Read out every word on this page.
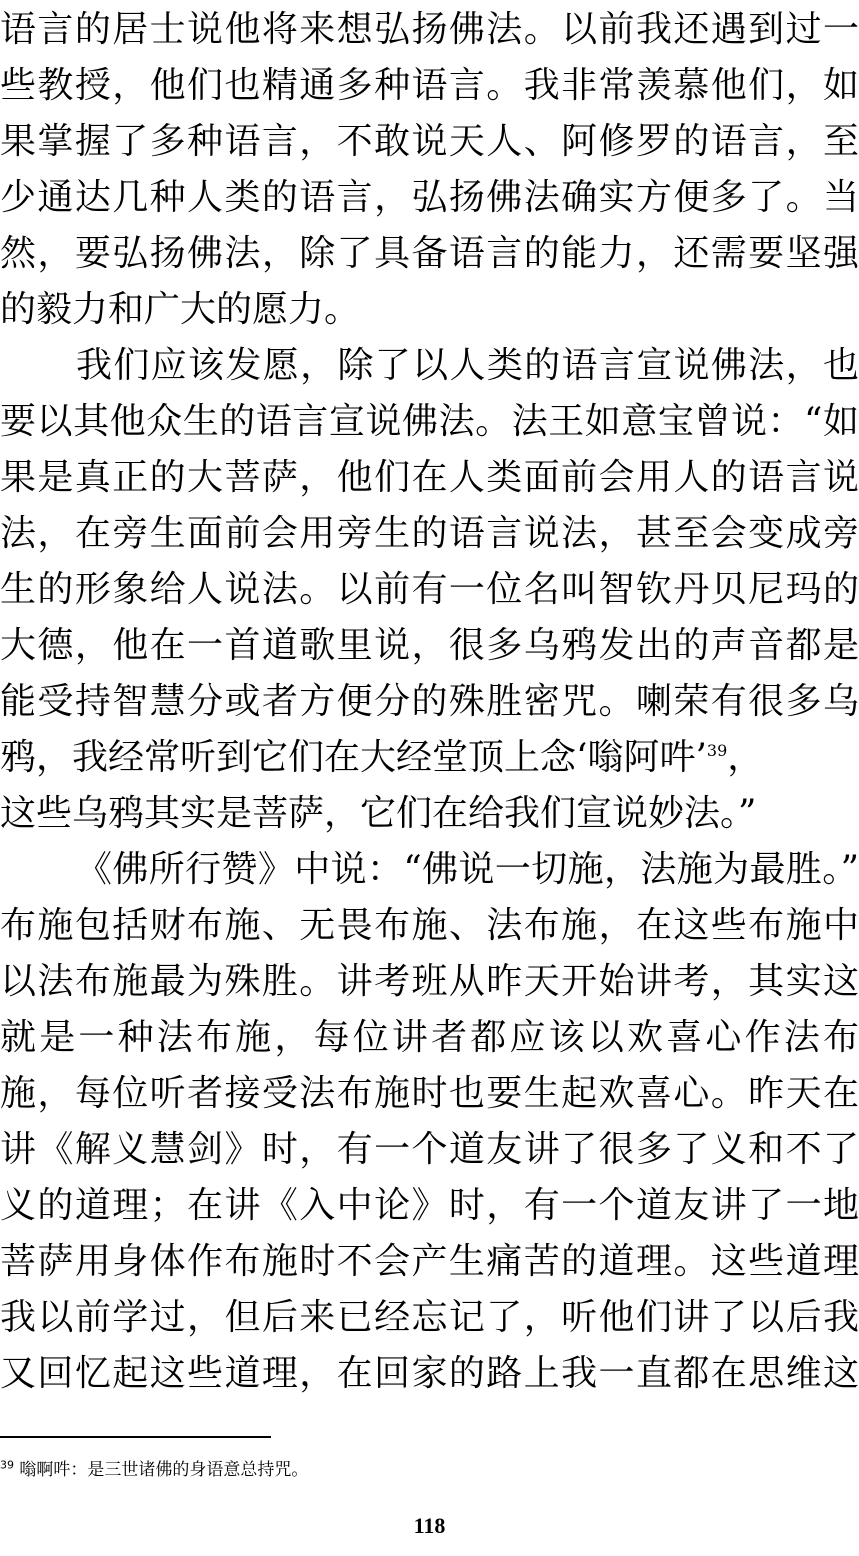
语言的居士说他将来想弘扬佛法。以前我还遇到过一
些教授，他们也精通多种语言。我非常羡慕他们，如
果掌握了多种语言，不敢说天人、阿修罗的语言，至
少通达几种人类的语言，弘扬佛法确实方便多了。当
然，要弘扬佛法，除了具备语言的能力，还需要坚强
的毅力和广大的愿力。
我们应该发愿，除了以人类的语言宣说佛法，也
要以其他众生的语言宣说佛法。法王如意宝曾说：“如
果是真正的大菩萨，他们在人类面前会用人的语言说
法，在旁生面前会用旁生的语言说法，甚至会变成旁
生的形象给人说法。以前有一位名叫智钦丹贝尼玛的
大德，他在一首道歌里说，很多乌鸦发出的声音都是
能受持智慧分或者方便分的殊胜密咒。喇荣有很多乌
鸦，我经常听到它们在大经堂顶上念‘嗡阿吽’$^{39}$，
这些乌鸦其实是菩萨，它们在给我们宣说妙法。”
《佛所行赞》中说：“佛说一切施，法施为最胜。”
布施包括财布施、无畏布施、法布施，在这些布施中
以法布施最为殊胜。讲考班从昨天开始讲考，其实这
就是一种法布施，每位讲者都应该以欢喜心作法布
施，每位听者接受法布施时也要生起欢喜心。昨天在
讲《解义慧剑》时，有一个道友讲了很多了义和不了
义的道理；在讲《入中论》时，有一个道友讲了一地
菩萨用身体作布施时不会产生痛苦的道理。这些道理
我以前学过，但后来已经忘记了，听他们讲了以后我
又回忆起这些道理，在回家的路上我一直都在思维这
$^{39}$ 嗡啊吽：是三世诸佛的身语意总持咒。
118
